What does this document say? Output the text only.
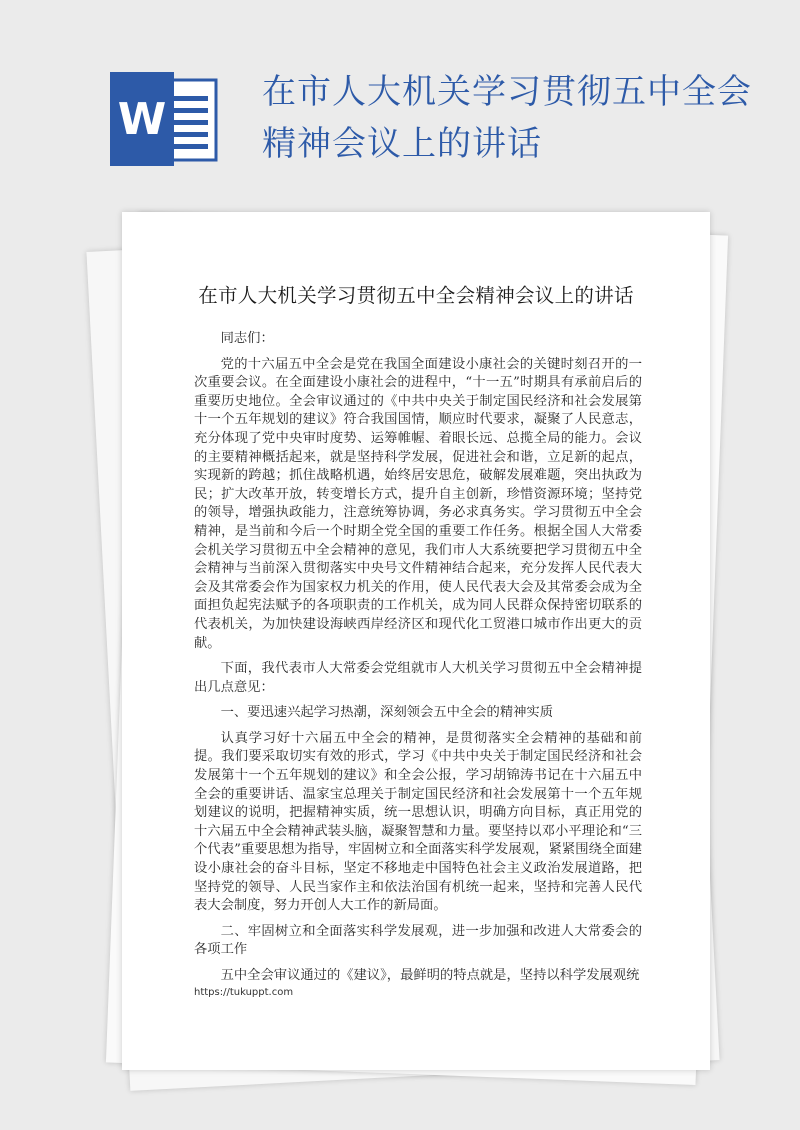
W
在市人大机关学习贯彻五中全会精神会议上的讲话
在市人大机关学习贯彻五中全会精神会议上的讲话

同志们：

党的十六届五中全会是党在我国全面建设小康社会的关键时刻召开的一次重要会议。在全面建设小康社会的进程中，“十一五”时期具有承前启后的重要历史地位。全会审议通过的《中共中央关于制定国民经济和社会发展第十一个五年规划的建议》符合我国国情，顺应时代要求，凝聚了人民意志，充分体现了党中央审时度势、运筹帷幄、着眼长远、总揽全局的能力。会议的主要精神概括起来，就是坚持科学发展，促进社会和谐，立足新的起点，实现新的跨越；抓住战略机遇，始终居安思危，破解发展难题，突出执政为民；扩大改革开放，转变增长方式，提升自主创新，珍惜资源环境；坚持党的领导，增强执政能力，注意统筹协调，务必求真务实。学习贯彻五中全会精神，是当前和今后一个时期全党全国的重要工作任务。根据全国人大常委会机关学习贯彻五中全会精神的意见，我们市人大系统要把学习贯彻五中全会精神与当前深入贯彻落实中央号文件精神结合起来，充分发挥人民代表大会及其常委会作为国家权力机关的作用，使人民代表大会及其常委会成为全面担负起宪法赋予的各项职责的工作机关，成为同人民群众保持密切联系的代表机关，为加快建设海峡西岸经济区和现代化工贸港口城市作出更大的贡献。

下面，我代表市人大常委会党组就市人大机关学习贯彻五中全会精神提出几点意见：

一、要迅速兴起学习热潮，深刻领会五中全会的精神实质

认真学习好十六届五中全会的精神，是贯彻落实全会精神的基础和前提。我们要采取切实有效的形式，学习《中共中央关于制定国民经济和社会发展第十一个五年规划的建议》和全会公报，学习胡锦涛书记在十六届五中全会的重要讲话、温家宝总理关于制定国民经济和社会发展第十一个五年规划建议的说明，把握精神实质，统一思想认识，明确方向目标，真正用党的十六届五中全会精神武装头脑，凝聚智慧和力量。要坚持以邓小平理论和“三个代表”重要思想为指导，牢固树立和全面落实科学发展观，紧紧围绕全面建设小康社会的奋斗目标，坚定不移地走中国特色社会主义政治发展道路，把坚持党的领导、人民当家作主和依法治国有机统一起来，坚持和完善人民代表大会制度，努力开创人大工作的新局面。

二、牢固树立和全面落实科学发展观，进一步加强和改进人大常委会的各项工作

五中全会审议通过的《建议》，最鲜明的特点就是，坚持以科学发展观统

https://tukuppt.com
